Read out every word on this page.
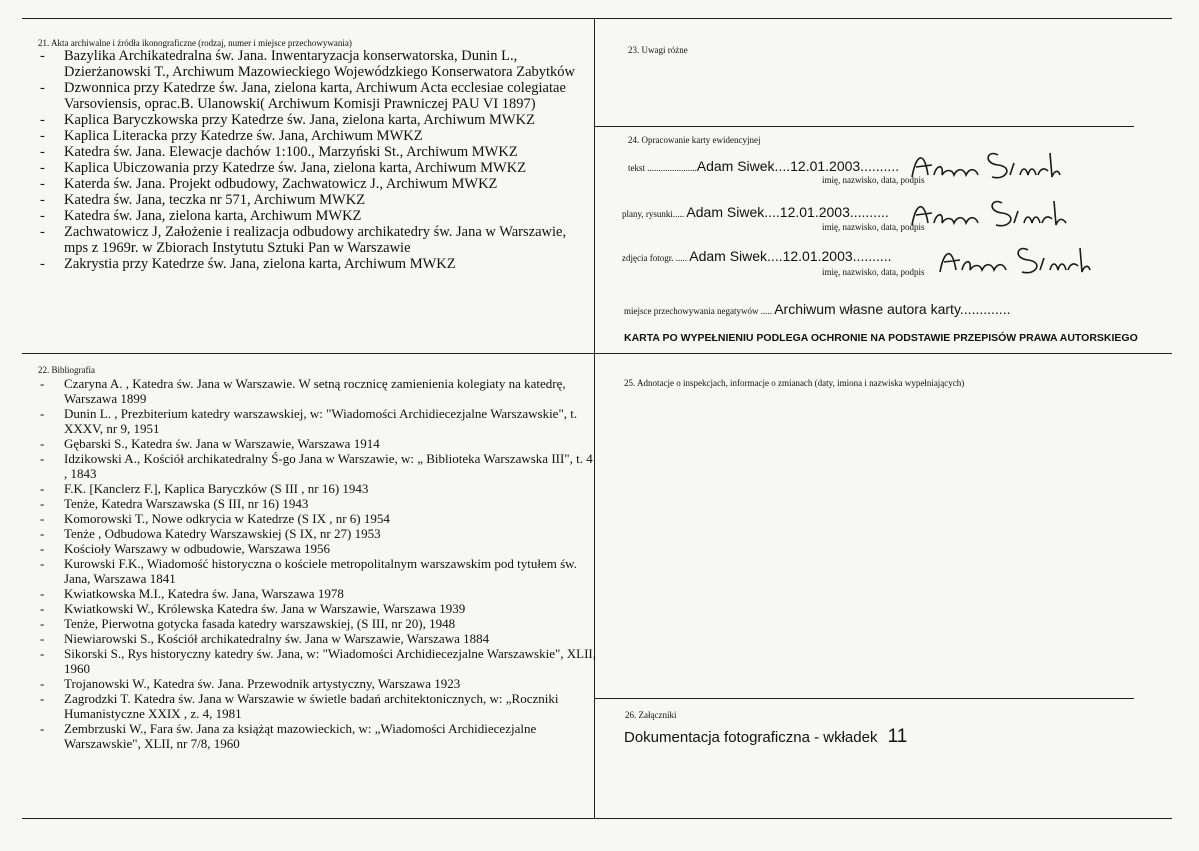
21. Akta archiwalne i źródła ikonograficzne (rodzaj, numer i miejsce przechowywania)
- Bazylika Archikatedralna św. Jana. Inwentaryzacja konserwatorska, Dunin L., Dzierżanowski T., Archiwum Mazowieckiego Wojewódzkiego Konserwatora Zabytków
- Dzwonnica przy Katedrze św. Jana, zielona karta, Archiwum Acta ecclesiae colegiatae Varsoviensis, oprac.B. Ulanowski( Archiwum Komisji Prawniczej PAU VI 1897)
- Kaplica Baryczkowska przy Katedrze św. Jana, zielona karta, Archiwum MWKZ
- Kaplica Literacka przy Katedrze św. Jana, Archiwum MWKZ
- Katedra św. Jana. Elewacje dachów 1:100., Marzyński St., Archiwum MWKZ
- Kaplica Ubiczowania przy Katedrze św. Jana, zielona karta, Archiwum MWKZ
- Katerda św. Jana. Projekt odbudowy, Zachwatowicz J., Archiwum MWKZ
- Katedra św. Jana, teczka nr 571, Archiwum MWKZ
- Katedra św. Jana, zielona karta, Archiwum MWKZ
- Zachwatowicz J, Założenie i realizacja odbudowy archikatedry św. Jana w Warszawie, mps z 1969r. w Zbiorach Instytutu Sztuki Pan w Warszawie
- Zakrystia przy Katedrze św. Jana, zielona karta, Archiwum MWKZ
22. Bibliografia
- Czaryna A. , Katedra św. Jana w Warszawie. W setną rocznicę zamienienia kolegiaty na katedrę, Warszawa 1899
- Dunin L. , Prezbiterium katedry warszawskiej, w: "Wiadomości Archidiecezjalne Warszawskie", t. XXXV, nr 9, 1951
- Gębarski S., Katedra św. Jana w Warszawie, Warszawa 1914
- Idzikowski A., Kościół archikatedralny Ś-go Jana w Warszawie, w: „ Biblioteka Warszawska III", t. 4 , 1843
- F.K. [Kanclerz F.], Kaplica Baryczków (S III , nr 16) 1943
- Tenże, Katedra Warszawska (S III, nr 16) 1943
- Komorowski T., Nowe odkrycia w Katedrze (S IX , nr 6) 1954
- Tenże , Odbudowa Katedry Warszawskiej (S IX, nr 27) 1953
- Kościoły Warszawy w odbudowie, Warszawa 1956
- Kurowski F.K., Wiadomość historyczna o kościele metropolitalnym warszawskim pod tytułem św. Jana, Warszawa 1841
- Kwiatkowska M.I., Katedra św. Jana, Warszawa 1978
- Kwiatkowski W., Królewska Katedra św. Jana w Warszawie, Warszawa 1939
- Tenże, Pierwotna gotycka fasada katedry warszawskiej, (S III, nr 20), 1948
- Niewiarowski S., Kościół archikatedralny św. Jana w Warszawie, Warszawa 1884
- Sikorski S., Rys historyczny katedry św. Jana, w: "Wiadomości Archidiecezjalne Warszawskie", XLII, 1960
- Trojanowski W., Katedra św. Jana. Przewodnik artystyczny, Warszawa 1923
- Zagrodzki T. Katedra św. Jana w Warszawie w świetle badań architektonicznych, w: „Roczniki Humanistyczne XXIX , z. 4, 1981
- Zembrzuski W., Fara św. Jana za książąt mazowieckich, w: „Wiadomości Archidiecezjalne Warszawskie", XLII, nr 7/8, 1960
23. Uwagi różne
24. Opracowanie karty ewidencyjnej
tekst ......................Adam Siwek....12.01.2003..........
imię, nazwisko, data, podpis
plany, rysunki..... Adam Siwek....12.01.2003..........
imię, nazwisko, data, podpis
zdjęcia fotogr. ..... Adam Siwek....12.01.2003..........
imię, nazwisko, data, podpis
miejsce przechowywania negatywów ..... Archiwum własne autora karty.............
KARTA PO WYPEŁNIENIU PODLEGA OCHRONIE NA PODSTAWIE PRZEPISÓW PRAWA AUTORSKIEGO
25. Adnotacje o inspekcjach, informacje o zmianach (daty, imiona i nazwiska wypełniających)
26. Załączniki
Dokumentacja fotograficzna - wkładek 11
